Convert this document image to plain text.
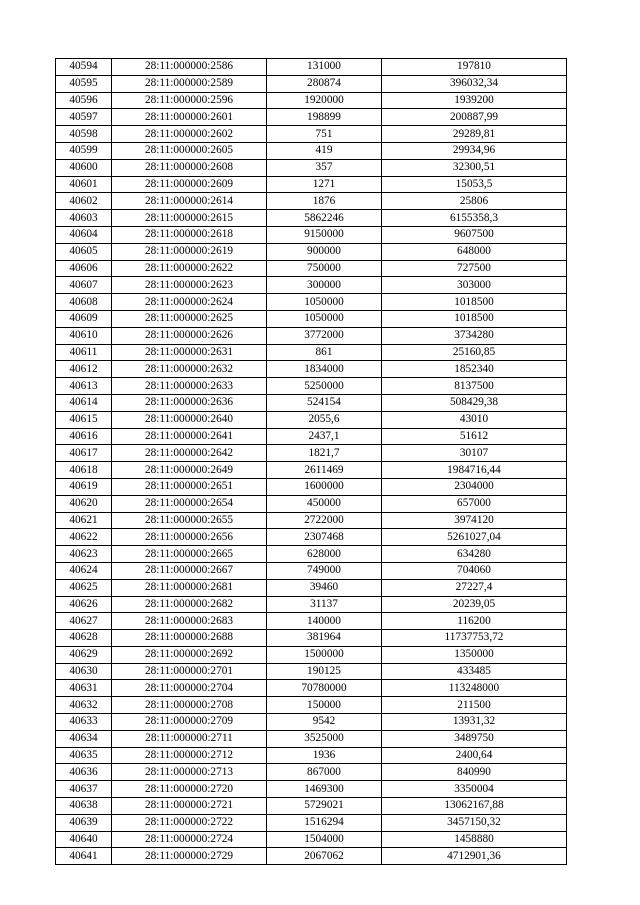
40594	28:11:000000:2586	131000	197810
40595	28:11:000000:2589	280874	396032,34
40596	28:11:000000:2596	1920000	1939200
40597	28:11:000000:2601	198899	200887,99
40598	28:11:000000:2602	751	29289,81
40599	28:11:000000:2605	419	29934,96
40600	28:11:000000:2608	357	32300,51
40601	28:11:000000:2609	1271	15053,5
40602	28:11:000000:2614	1876	25806
40603	28:11:000000:2615	5862246	6155358,3
40604	28:11:000000:2618	9150000	9607500
40605	28:11:000000:2619	900000	648000
40606	28:11:000000:2622	750000	727500
40607	28:11:000000:2623	300000	303000
40608	28:11:000000:2624	1050000	1018500
40609	28:11:000000:2625	1050000	1018500
40610	28:11:000000:2626	3772000	3734280
40611	28:11:000000:2631	861	25160,85
40612	28:11:000000:2632	1834000	1852340
40613	28:11:000000:2633	5250000	8137500
40614	28:11:000000:2636	524154	508429,38
40615	28:11:000000:2640	2055,6	43010
40616	28:11:000000:2641	2437,1	51612
40617	28:11:000000:2642	1821,7	30107
40618	28:11:000000:2649	2611469	1984716,44
40619	28:11:000000:2651	1600000	2304000
40620	28:11:000000:2654	450000	657000
40621	28:11:000000:2655	2722000	3974120
40622	28:11:000000:2656	2307468	5261027,04
40623	28:11:000000:2665	628000	634280
40624	28:11:000000:2667	749000	704060
40625	28:11:000000:2681	39460	27227,4
40626	28:11:000000:2682	31137	20239,05
40627	28:11:000000:2683	140000	116200
40628	28:11:000000:2688	381964	11737753,72
40629	28:11:000000:2692	1500000	1350000
40630	28:11:000000:2701	190125	433485
40631	28:11:000000:2704	70780000	113248000
40632	28:11:000000:2708	150000	211500
40633	28:11:000000:2709	9542	13931,32
40634	28:11:000000:2711	3525000	3489750
40635	28:11:000000:2712	1936	2400,64
40636	28:11:000000:2713	867000	840990
40637	28:11:000000:2720	1469300	3350004
40638	28:11:000000:2721	5729021	13062167,88
40639	28:11:000000:2722	1516294	3457150,32
40640	28:11:000000:2724	1504000	1458880
40641	28:11:000000:2729	2067062	4712901,36
